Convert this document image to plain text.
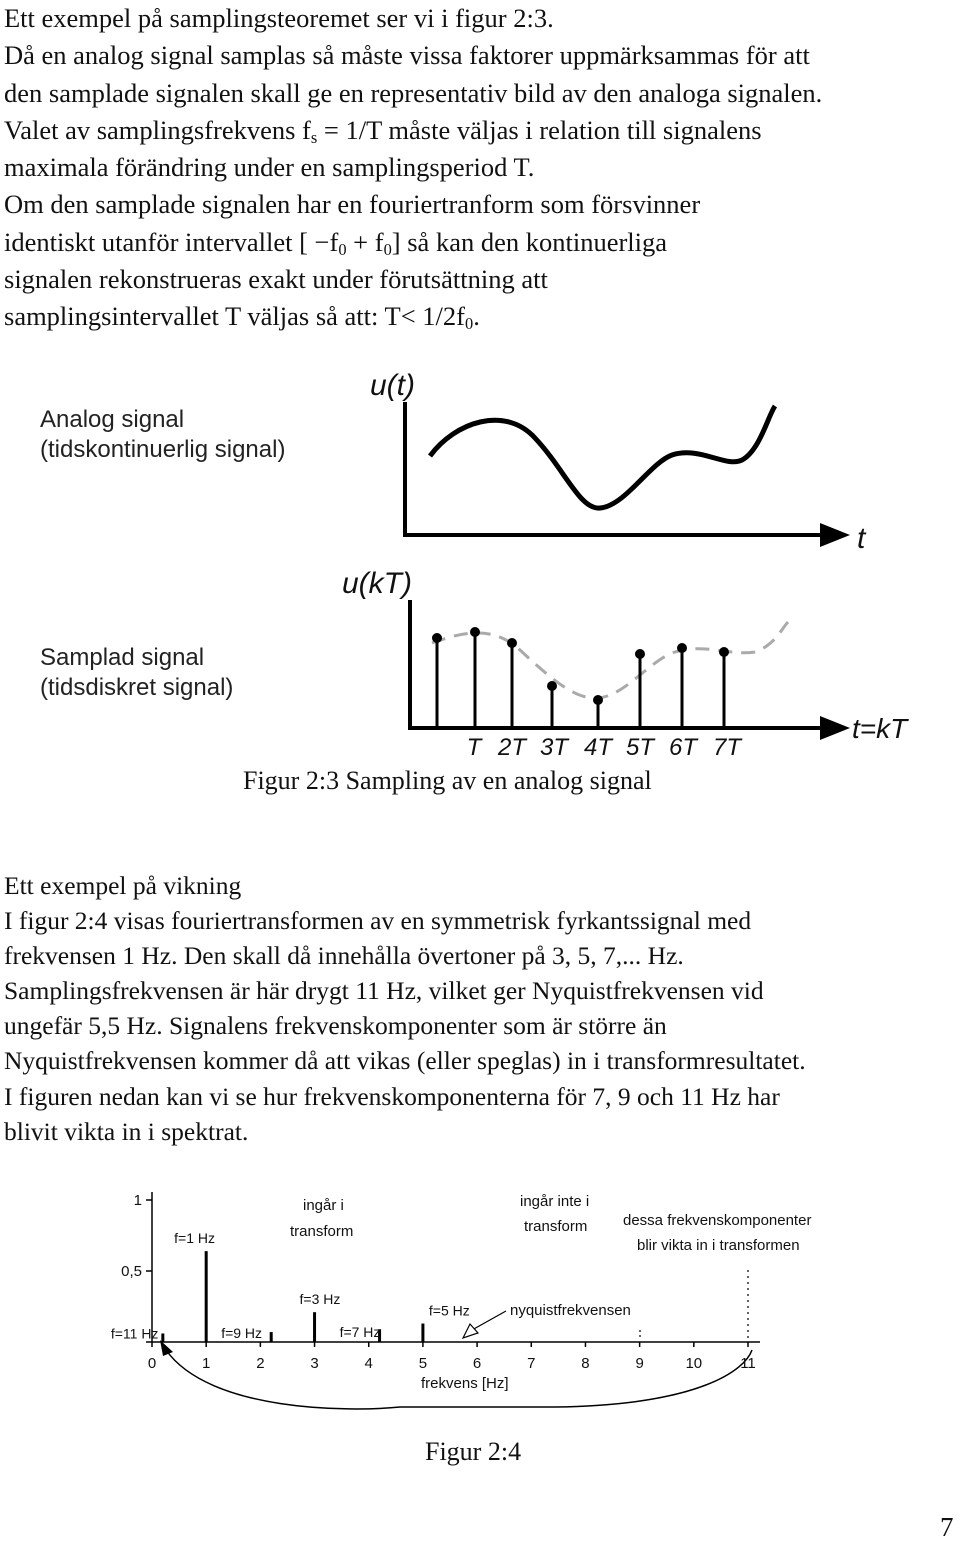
Ett exempel på samplingsteoremet ser vi i figur 2:3.
Då en analog signal samplas så måste vissa faktorer uppmärksammas för att
den samplade signalen skall ge en representativ bild av den analoga signalen.
Valet av samplingsfrekvens $f_s = 1/T$ måste väljas i relation till signalens
maximala förändring under en samplingsperiod T.
Om den samplade signalen har en fouriertranform som försvinner
identiskt utanför intervallet [ $-f_0 + f_0$] så kan den kontinuerliga
signalen rekonstrueras exakt under förutsättning att
samplingsintervallet T väljas så att: $T< 1/2f_0$.
Analog signal
(tidskontinuerlig signal)
u(t)
t
u(kT)
t=kT
Samplad signal
(tidsdiskret signal)
T 2T 3T 4T 5T 6T 7T
Figur 2:3 Sampling av en analog signal
Ett exempel på vikning
I figur 2:4 visas fouriertransformen av en symmetrisk fyrkantssignal med
frekvensen 1 Hz. Den skall då innehålla övertoner på 3, 5, 7,... Hz.
Samplingsfrekvensen är här drygt 11 Hz, vilket ger Nyquistfrekvensen vid
ungefär 5,5 Hz. Signalens frekvenskomponenter som är större än
Nyquistfrekvensen kommer då att vikas (eller speglas) in i transformresultatet.
I figuren nedan kan vi se hur frekvenskomponenterna för 7, 9 och 11 Hz har
blivit vikta in i spektrat.
ingår i
transform
ingår inte i
transform dessa frekvenskomponenter
blir vikta in i transformen
nyquistfrekvensen
frekvens [Hz]
0	1	2	3	4	5	6	7	8	9	10	11
0,5
1
f=1 Hz
f=3 Hz
f=5 Hz
f=7 Hz
f=9 Hz
f=11 Hz
Figur 2:4
7
